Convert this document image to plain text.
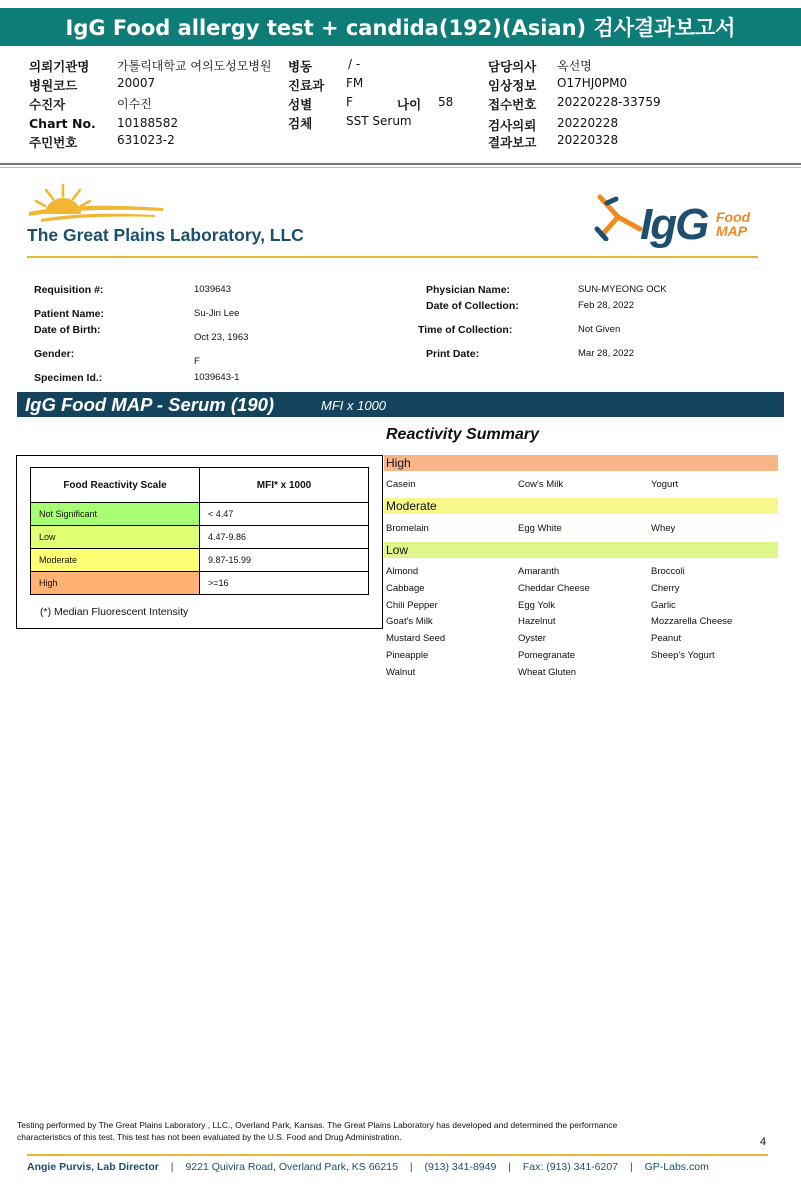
IgG Food allergy test + candida(192)(Asian) 검사결과보고서
의뢰기관명 가톨릭대학교 여의도성모병원
병원코드	20007
수진자	이수진
Chart No. 10188582
주민번호	631023-2
병동	/ -
진료과 FM
성별	F	나이 58
검체	SST Serum
담당의사 옥선명
임상정보 O17HJ0PM0
접수번호 20220228-33759
검사의뢰 20220228
결과보고 20220328
The Great Plains Laboratory, LLC	IgG Food
MAP
Requisition #:	1039643
Patient Name:	Su-Jin Lee
Date of Birth:
Oct 23, 1963
Gender:
F
Specimen Id.:	1039643-1
Physician Name:	SUN-MYEONG OCK
Date of Collection:	Feb 28, 2022
Time of Collection:	Not Given
Print Date:	Mar 28, 2022
IgG Food MAP - Serum (190)	MFI x 1000
Food Reactivity Scale	MFI* x 1000
Not Significant	< 4.47
Low	4.47-9.86
Moderate	9.87-15.99
High	>=16
(*) Median Fluorescent Intensity
Reactivity Summary
High
Casein	Cow's Milk	Yogurt
Moderate
Bromelain	Egg White	Whey
Low
Almond	Amaranth	Broccoli
Cabbage	Cheddar Cheese	Cherry
Chili Pepper	Egg Yolk	Garlic
Goat's Milk	Hazelnut	Mozzarella Cheese
Mustard Seed	Oyster	Peanut
Pineapple	Pomegranate	Sheep's Yogurt
Walnut	Wheat Gluten
Testing performed by The Great Plains Laboratory , LLC., Overland Park, Kansas. The Great Plains Laboratory has developed and determined the performance
characteristics of this test. This test has not been evaluated by the U.S. Food and Drug Administration.	4
Angie Purvis, Lab Director | 9221 Quivira Road, Overland Park, KS 66215 | (913) 341-8949 | Fax: (913) 341-6207 | GP-Labs.com
